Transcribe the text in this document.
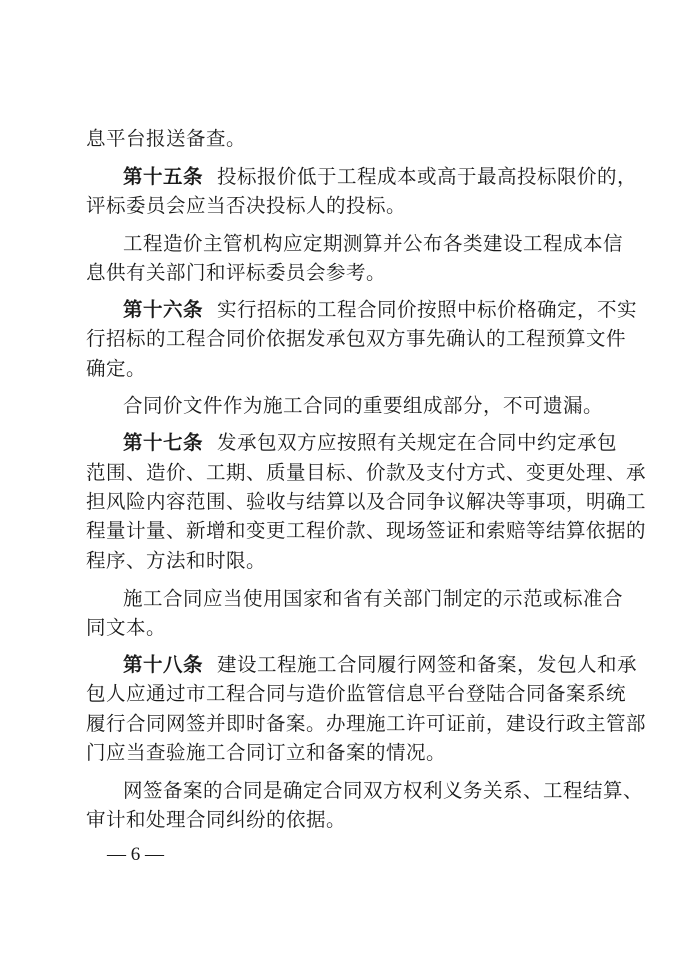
息平台报送备查。
第十五条 投标报价低于工程成本或高于最高投标限价的，
评标委员会应当否决投标人的投标。
工程造价主管机构应定期测算并公布各类建设工程成本信
息供有关部门和评标委员会参考。
第十六条 实行招标的工程合同价按照中标价格确定，不实
行招标的工程合同价依据发承包双方事先确认的工程预算文件
确定。
合同价文件作为施工合同的重要组成部分，不可遗漏。
第十七条 发承包双方应按照有关规定在合同中约定承包
范围、造价、工期、质量目标、价款及支付方式、变更处理、承
担风险内容范围、验收与结算以及合同争议解决等事项，明确工
程量计量、新增和变更工程价款、现场签证和索赔等结算依据的
程序、方法和时限。
施工合同应当使用国家和省有关部门制定的示范或标准合
同文本。
第十八条 建设工程施工合同履行网签和备案，发包人和承
包人应通过市工程合同与造价监管信息平台登陆合同备案系统
履行合同网签并即时备案。办理施工许可证前，建设行政主管部
门应当查验施工合同订立和备案的情况。
网签备案的合同是确定合同双方权利义务关系、工程结算、
审计和处理合同纠纷的依据。
— 6 —
